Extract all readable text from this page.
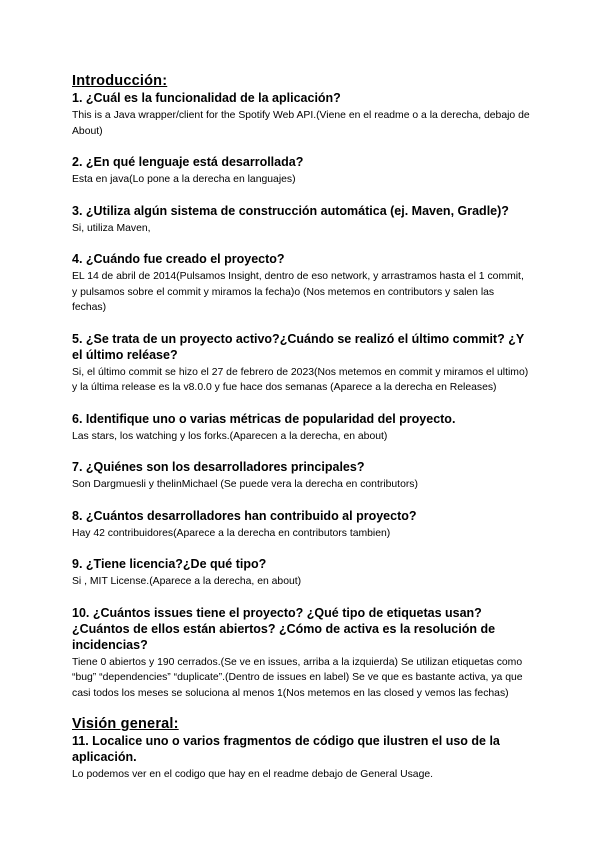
Introducción:

1. ¿Cuál es la funcionalidad de la aplicación?

This is a Java wrapper/client for the Spotify Web API.(Viene en el readme o a la derecha, debajo de About)

2. ¿En qué lenguaje está desarrollada?

Esta en java(Lo pone a la derecha en languajes)

3. ¿Utiliza algún sistema de construcción automática (ej. Maven, Gradle)?

Si, utiliza Maven,

4. ¿Cuándo fue creado el proyecto?

EL 14 de abril de 2014(Pulsamos Insight, dentro de eso network, y arrastramos hasta el 1 commit, y pulsamos sobre el commit y miramos la fecha)o (Nos metemos en contributors y salen las fechas)

5. ¿Se trata de un proyecto activo?¿Cuándo se realizó el último commit? ¿Y el último reléase?

Si, el último commit se hizo el 27 de febrero de 2023(Nos metemos en commit y miramos el ultimo) y la última release es la v8.0.0 y fue hace dos semanas (Aparece a la derecha en Releases)

6. Identifique uno o varias métricas de popularidad del proyecto.

Las stars, los watching y los forks.(Aparecen a la derecha, en about)

7. ¿Quiénes son los desarrolladores principales?

Son Dargmuesli y thelinMichael (Se puede vera la derecha en contributors)

8. ¿Cuántos desarrolladores han contribuido al proyecto?

Hay 42 contribuidores(Aparece a la derecha en contributors tambien)

9. ¿Tiene licencia?¿De qué tipo?

Si , MIT License.(Aparece a la derecha, en about)

10. ¿Cuántos issues tiene el proyecto? ¿Qué tipo de etiquetas usan? ¿Cuántos de ellos están abiertos? ¿Cómo de activa es la resolución de incidencias?

Tiene 0 abiertos y 190 cerrados.(Se ve en issues, arriba a la izquierda) Se utilizan etiquetas como “bug” “dependencies” “duplicate”.(Dentro de issues en label) Se ve que es bastante activa, ya que casi todos los meses se soluciona al menos 1(Nos metemos en las closed y vemos las fechas)

Visión general:

11. Localice uno o varios fragmentos de código que ilustren el uso de la aplicación.

Lo podemos ver en el codigo que hay en el readme debajo de General Usage.
